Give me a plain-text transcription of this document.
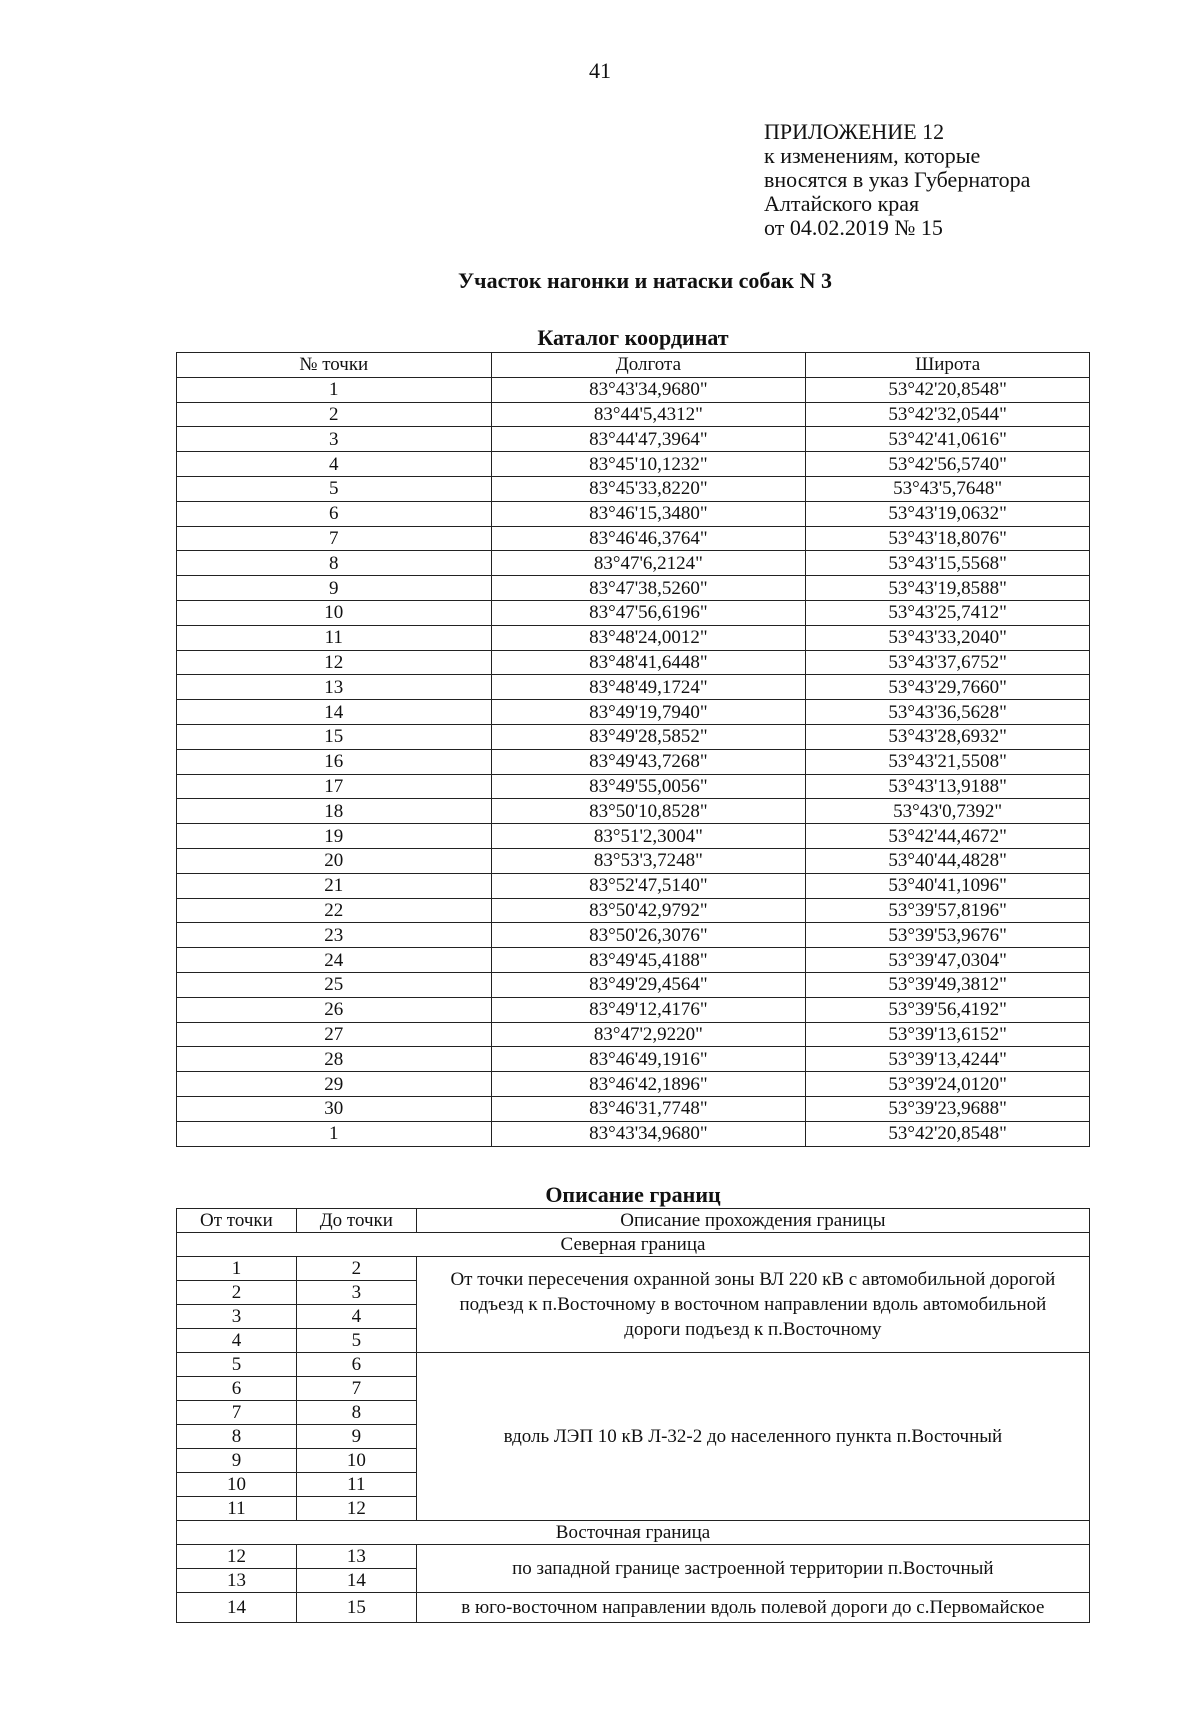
41
ПРИЛОЖЕНИЕ 12
к изменениям, которые
вносятся в указ Губернатора
Алтайского края
от 04.02.2019 № 15
Участок нагонки и натаски собак N 3
Каталог координат
№ точки	Долгота	Широта
1	83°43'34,9680"	53°42'20,8548"
2	83°44'5,4312"	53°42'32,0544"
3	83°44'47,3964"	53°42'41,0616"
4	83°45'10,1232"	53°42'56,5740"
5	83°45'33,8220"	53°43'5,7648"
6	83°46'15,3480"	53°43'19,0632"
7	83°46'46,3764"	53°43'18,8076"
8	83°47'6,2124"	53°43'15,5568"
9	83°47'38,5260"	53°43'19,8588"
10	83°47'56,6196"	53°43'25,7412"
11	83°48'24,0012"	53°43'33,2040"
12	83°48'41,6448"	53°43'37,6752"
13	83°48'49,1724"	53°43'29,7660"
14	83°49'19,7940"	53°43'36,5628"
15	83°49'28,5852"	53°43'28,6932"
16	83°49'43,7268"	53°43'21,5508"
17	83°49'55,0056"	53°43'13,9188"
18	83°50'10,8528"	53°43'0,7392"
19	83°51'2,3004"	53°42'44,4672"
20	83°53'3,7248"	53°40'44,4828"
21	83°52'47,5140"	53°40'41,1096"
22	83°50'42,9792"	53°39'57,8196"
23	83°50'26,3076"	53°39'53,9676"
24	83°49'45,4188"	53°39'47,0304"
25	83°49'29,4564"	53°39'49,3812"
26	83°49'12,4176"	53°39'56,4192"
27	83°47'2,9220"	53°39'13,6152"
28	83°46'49,1916"	53°39'13,4244"
29	83°46'42,1896"	53°39'24,0120"
30	83°46'31,7748"	53°39'23,9688"
1	83°43'34,9680"	53°42'20,8548"
Описание границ
От точки	До точки	Описание прохождения границы
Северная граница		
1	2	От точки пересечения охранной зоны ВЛ 220 кВ с автомобильной дорогой подъезд к п.Восточному в восточном направлении вдоль автомобильной дороги подъезд к п.Восточному
2	3	
3	4	
4	5	
5	6	вдоль ЛЭП 10 кВ Л-32-2 до населенного пункта п.Восточный
6	7	
7	8	
8	9	
9	10	
10	11	
11	12	
Восточная граница		
12	13	по западной границе застроенной территории п.Восточный
13	14	
14	15	в юго-восточном направлении вдоль полевой дороги до с.Первомайское
